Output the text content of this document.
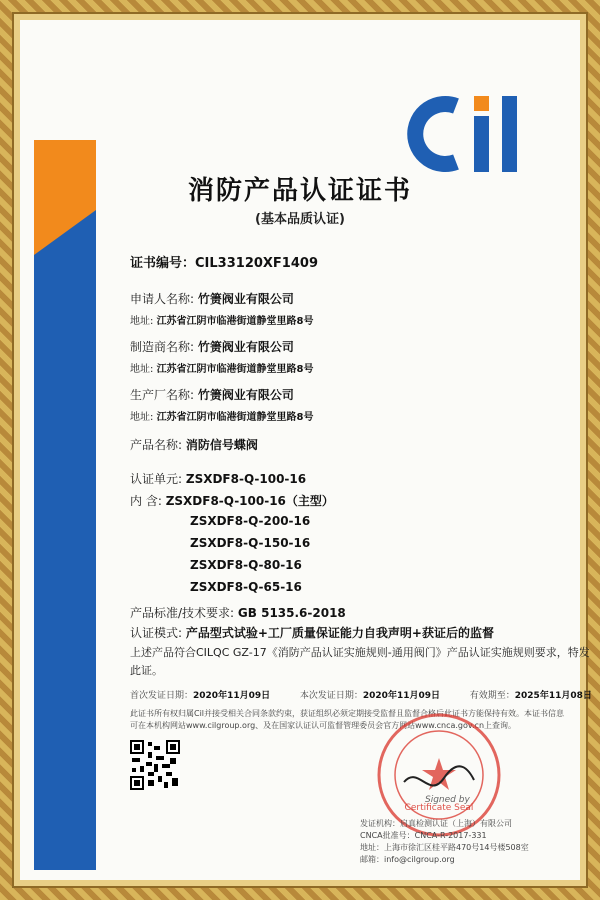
消防产品认证证书
(基本品质认证)
证书编号：CIL33120XF1409
申请人名称: 竹箦阀业有限公司
地址: 江苏省江阴市临港街道静堂里路8号
制造商名称: 竹箦阀业有限公司
地址: 江苏省江阴市临港街道静堂里路8号
生产厂名称: 竹箦阀业有限公司
地址: 江苏省江阴市临港街道静堂里路8号
产品名称: 消防信号蝶阀
认证单元: ZSXDF8-Q-100-16
内 含: ZSXDF8-Q-100-16（主型）
ZSXDF8-Q-200-16
ZSXDF8-Q-150-16
ZSXDF8-Q-80-16
ZSXDF8-Q-65-16
产品标准/技术要求: GB 5135.6-2018
认证模式: 产品型式试验+工厂质量保证能力自我声明+获证后的监督
上述产品符合CILQC GZ-17《消防产品认证实施规则-通用阀门》产品认证实施规则要求，特发
此证。
首次发证日期：2020年11月09日	本次发证日期：2020年11月09日	有效期至：2025年11月08日
此证书所有权归属Cil并接受相关合同条款约束，获证组织必须定期接受监督且监督合格后此证书方能保持有效。本证书信息
可在本机构网站www.cilgroup.org、及在国家认证认可监督管理委员会官方网站www.cnca.gov.cn上查询。
Certificate Seal
Signed by
发证机构：启真检测认证（上海）有限公司
CNCA批准号：CNCA-R-2017-331
地址：上海市徐汇区桂平路470号14号楼508室
邮箱：info@cilgroup.org
